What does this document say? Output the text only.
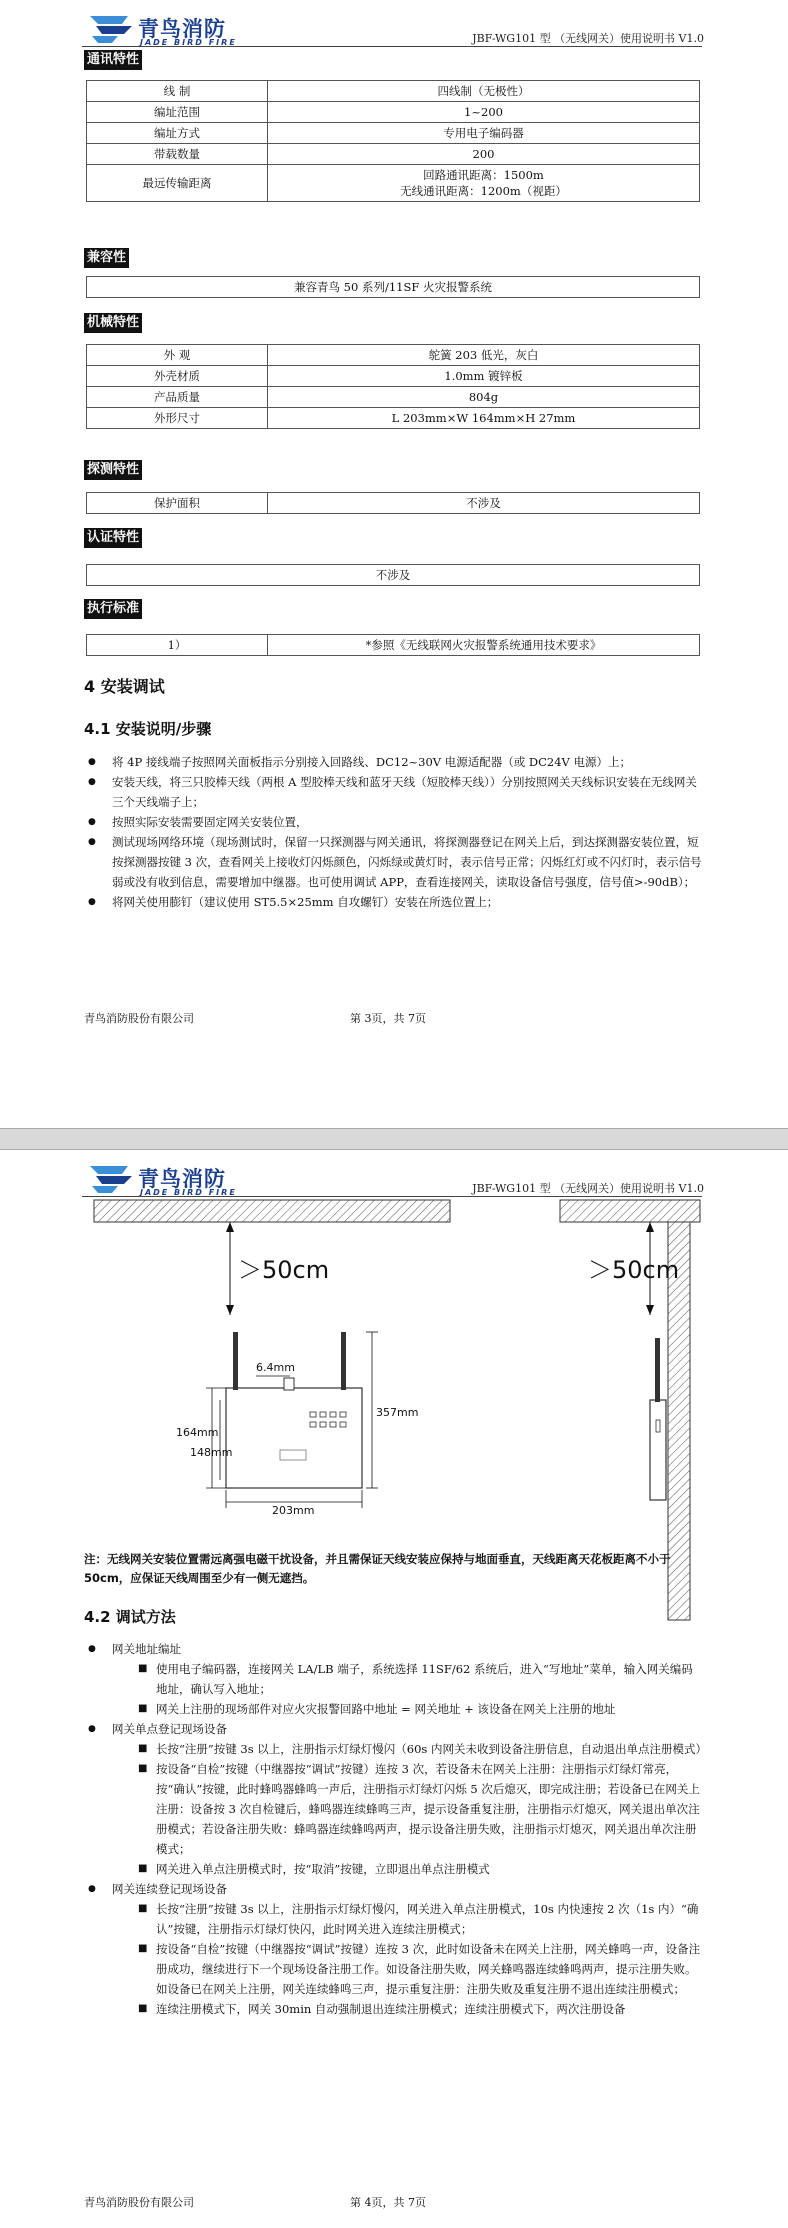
青鸟消防
JADE BIRD FIRE	JBF-WG101 型 （无线网关）使用说明书 V1.0
通讯特性
线 制	四线制（无极性）
编址范围	1~200
编址方式	专用电子编码器
带载数量	200
最远传输距离	回路通讯距离：1500m
无线通讯距离：1200m（视距）
兼容性
兼容青鸟 50 系列/11SF 火灾报警系统
机械特性
外 观	鸵簧 203 低光，灰白
外壳材质	1.0mm 镀锌板
产品质量	804g
外形尺寸	L 203mm×W 164mm×H 27mm
探测特性
保护面积	不涉及
认证特性
不涉及
执行标准
1）	*参照《无线联网火灾报警系统通用技术要求》
4 安装调试
4.1 安装说明/步骤
● 将 4P 接线端子按照网关面板指示分别接入回路线、DC12~30V 电源适配器（或 DC24V 电源）上；
● 安装天线，将三只胶棒天线（两根 A 型胶棒天线和蓝牙天线（短胶棒天线））分别按照网关天线标识安装在无线网关三个天线端子上；
● 按照实际安装需要固定网关安装位置，
● 测试现场网络环境（现场测试时，保留一只探测器与网关通讯，将探测器登记在网关上后，到达探测器安装位置，短按探测器按键 3 次，查看网关上接收灯闪烁颜色，闪烁绿或黄灯时，表示信号正常；闪烁红灯或不闪灯时，表示信号弱或没有收到信息，需要增加中继器。也可使用调试 APP，查看连接网关，读取设备信号强度，信号值>-90dB）；
● 将网关使用膨钉（建议使用 ST5.5×25mm 自攻螺钉）安装在所选位置上；
青鸟消防股份有限公司	第 3页，共 7页
青鸟消防
JADE BIRD FIRE	JBF-WG101 型 （无线网关）使用说明书 V1.0
＞50cm	＞50cm
6.4mm
357mm
164mm
148mm
203mm
注：无线网关安装位置需远离强电磁干扰设备，并且需保证天线安装应保持与地面垂直，天线距离天花板距离不小于 50cm，应保证天线周围至少有一侧无遮挡。
4.2 调试方法
● 网关地址编址
■ 使用电子编码器，连接网关 LA/LB 端子，系统选择 11SF/62 系统后，进入“写地址”菜单，输入网关编码地址，确认写入地址；
■ 网关上注册的现场部件对应火灾报警回路中地址 = 网关地址 + 该设备在网关上注册的地址
● 网关单点登记现场设备
■ 长按“注册”按键 3s 以上，注册指示灯绿灯慢闪（60s 内网关未收到设备注册信息，自动退出单点注册模式）
■ 按设备“自检”按键（中继器按“调试”按键）连按 3 次，若设备未在网关上注册：注册指示灯绿灯常亮，按“确认”按键，此时蜂鸣器蜂鸣一声后，注册指示灯绿灯闪烁 5 次后熄灭，即完成注册；若设备已在网关上注册：设备按 3 次自检键后，蜂鸣器连续蜂鸣三声，提示设备重复注册，注册指示灯熄灭，网关退出单次注册模式；若设备注册失败：蜂鸣器连续蜂鸣两声，提示设备注册失败，注册指示灯熄灭，网关退出单次注册模式；
■ 网关进入单点注册模式时，按“取消”按键，立即退出单点注册模式
● 网关连续登记现场设备
■ 长按“注册”按键 3s 以上，注册指示灯绿灯慢闪，网关进入单点注册模式，10s 内快速按 2 次（1s 内）“确认”按键，注册指示灯绿灯快闪，此时网关进入连续注册模式；
■ 按设备“自检”按键（中继器按“调试”按键）连按 3 次，此时如设备未在网关上注册，网关蜂鸣一声，设备注册成功，继续进行下一个现场设备注册工作。如设备注册失败，网关蜂鸣器连续蜂鸣两声，提示注册失败。如设备已在网关上注册，网关连续蜂鸣三声，提示重复注册：注册失败及重复注册不退出连续注册模式；
■ 连续注册模式下，网关 30min 自动强制退出连续注册模式；连续注册模式下，两次注册设备
青鸟消防股份有限公司	第 4页，共 7页
